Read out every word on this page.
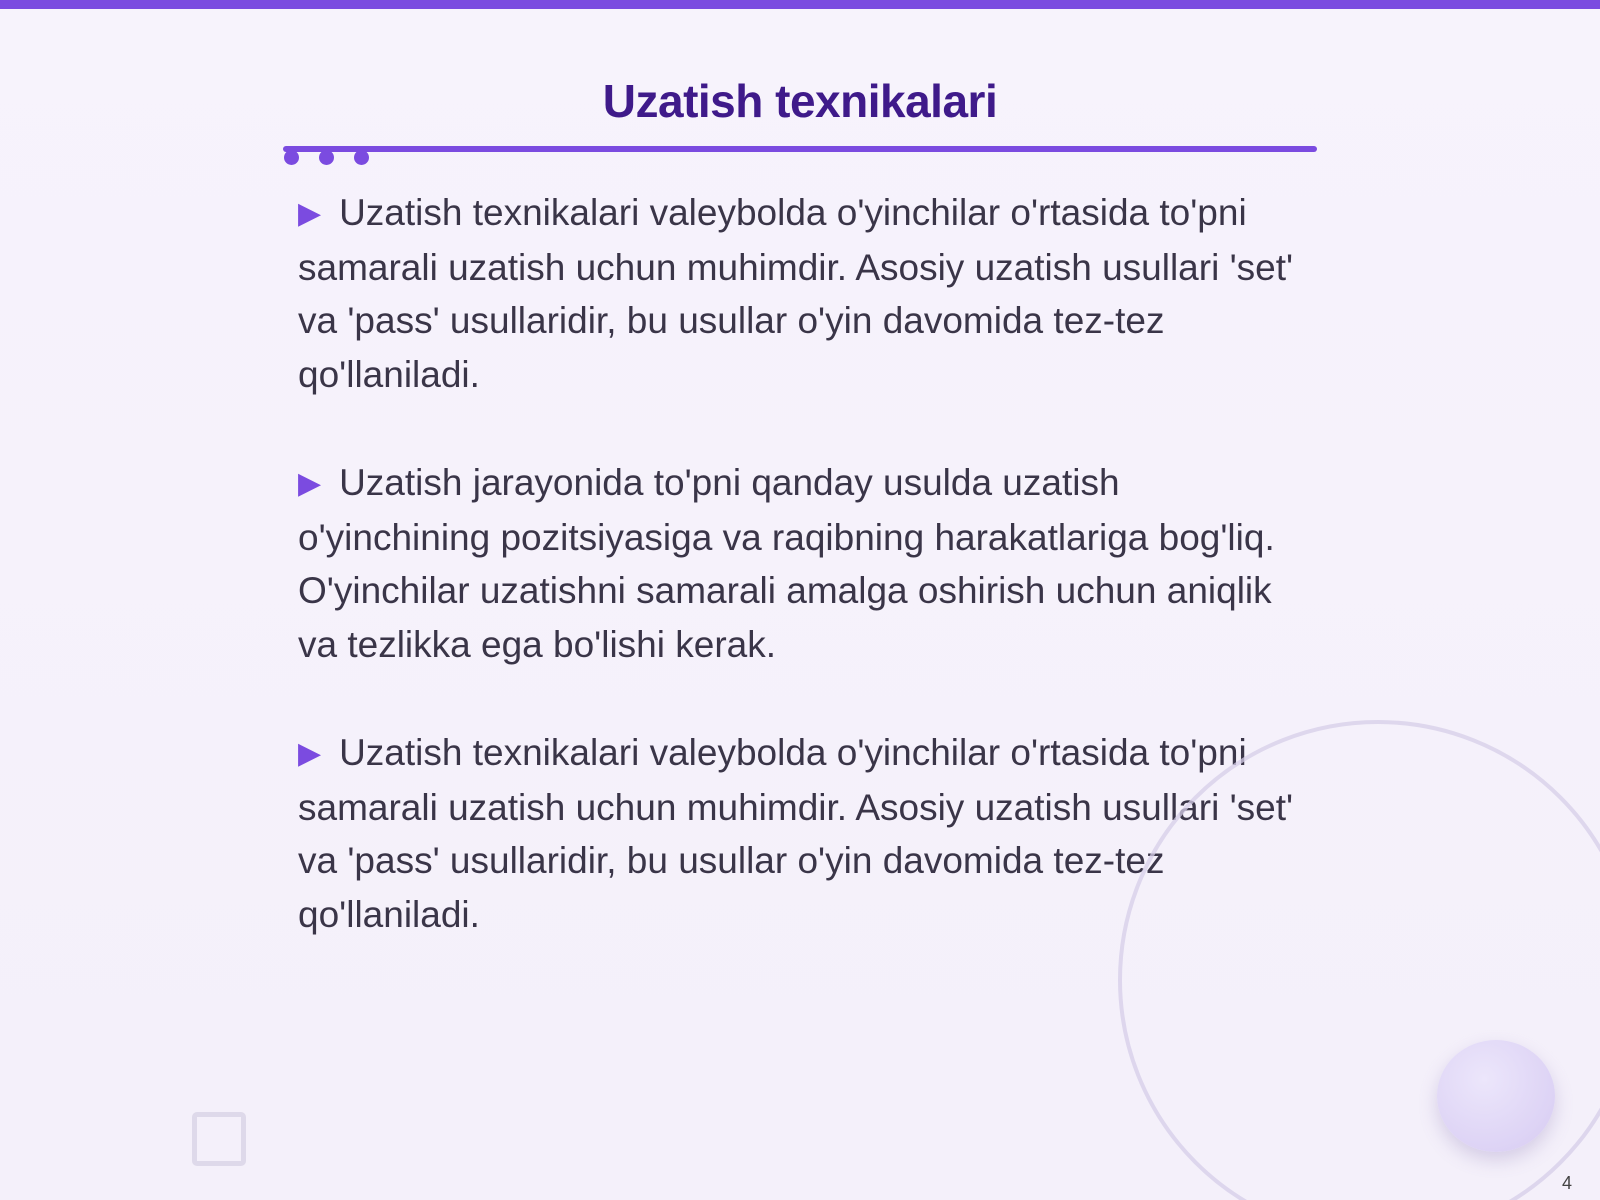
Uzatish texnikalari

▶ Uzatish texnikalari valeybolda o'yinchilar o'rtasida to'pni samarali uzatish uchun muhimdir. Asosiy uzatish usullari 'set' va 'pass' usullaridir, bu usullar o'yin davomida tez-tez qo'llaniladi.

▶ Uzatish jarayonida to'pni qanday usulda uzatish o'yinchining pozitsiyasiga va raqibning harakatlariga bog'liq. O'yinchilar uzatishni samarali amalga oshirish uchun aniqlik va tezlikka ega bo'lishi kerak.

▶ Uzatish texnikalari valeybolda o'yinchilar o'rtasida to'pni samarali uzatish uchun muhimdir. Asosiy uzatish usullari 'set' va 'pass' usullaridir, bu usullar o'yin davomida tez-tez qo'llaniladi.

4
